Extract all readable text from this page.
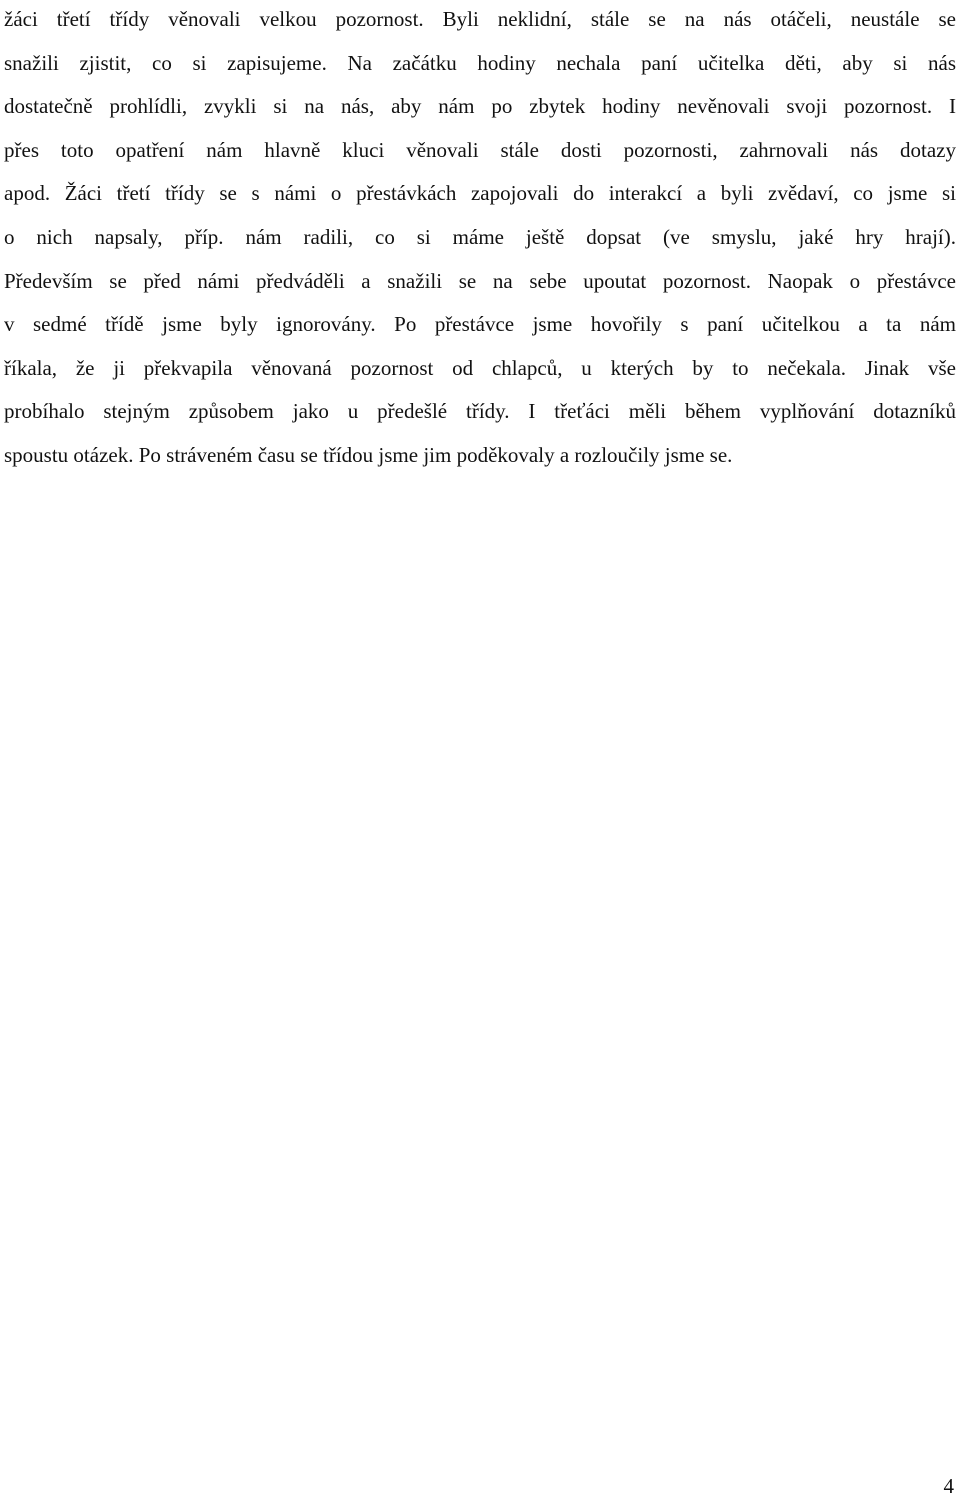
žáci třetí třídy věnovali velkou pozornost. Byli neklidní, stále se na nás otáčeli, neustále se
snažili zjistit, co si zapisujeme. Na začátku hodiny nechala paní učitelka děti, aby si nás
dostatečně prohlídli, zvykli si na nás, aby nám po zbytek hodiny nevěnovali svoji pozornost. I
přes toto opatření nám hlavně kluci věnovali stále dosti pozornosti, zahrnovali nás dotazy
apod. Žáci třetí třídy se s námi o přestávkách zapojovali do interakcí a byli zvědaví, co jsme si
o nich napsaly, příp. nám radili, co si máme ještě dopsat (ve smyslu, jaké hry hrají).
Především se před námi předváděli a snažili se na sebe upoutat pozornost. Naopak o přestávce
v sedmé třídě jsme byly ignorovány. Po přestávce jsme hovořily s paní učitelkou a ta nám
říkala, že ji překvapila věnovaná pozornost od chlapců, u kterých by to nečekala. Jinak vše
probíhalo stejným způsobem jako u předešlé třídy. I třeťáci měli během vyplňování dotazníků
spoustu otázek. Po stráveném času se třídou jsme jim poděkovaly a rozloučily jsme se.

4
